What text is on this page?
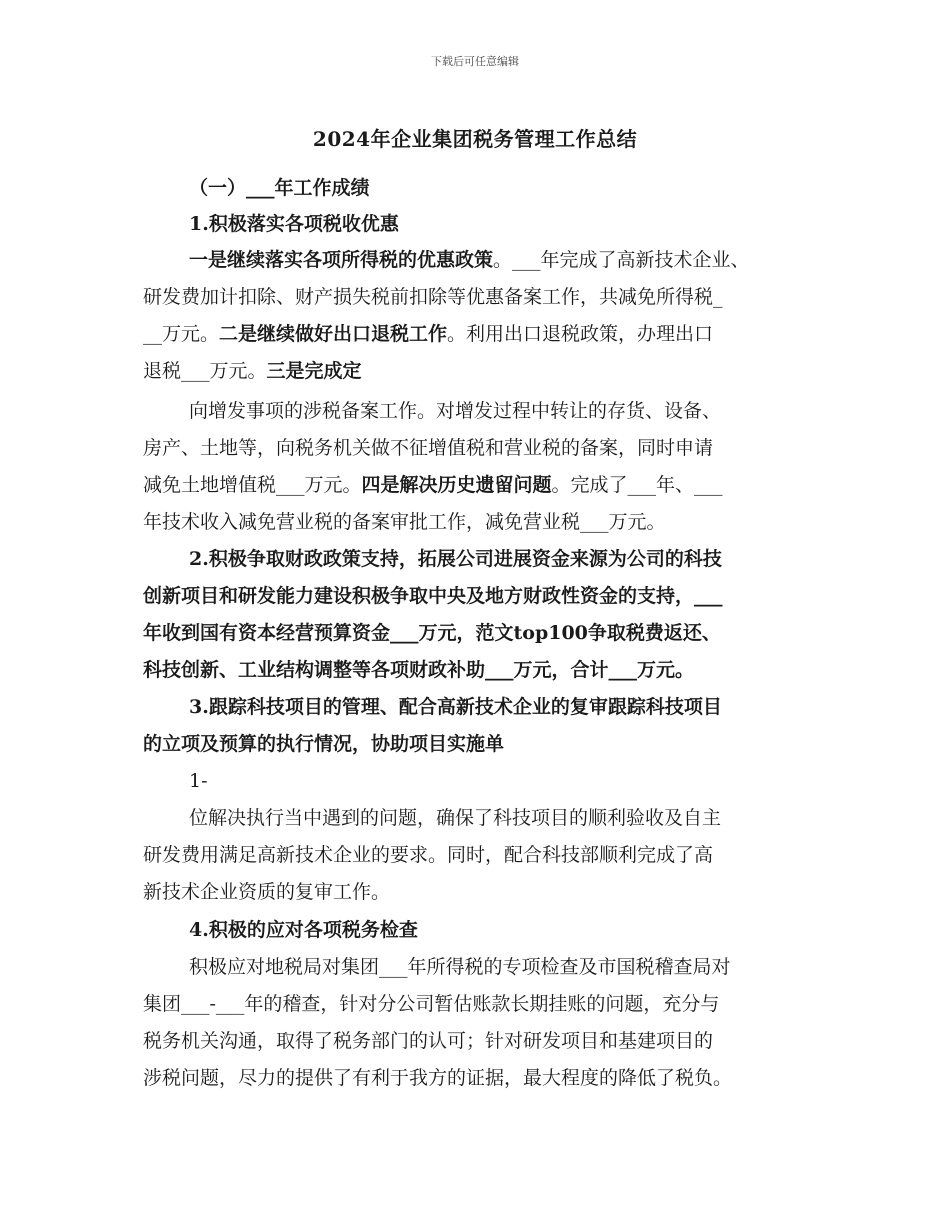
下载后可任意编辑
2024年企业集团税务管理工作总结
（一）___年工作成绩
1.积极落实各项税收优惠
一是继续落实各项所得税的优惠政策。___年完成了高新技术企业、
研发费加计扣除、财产损失税前扣除等优惠备案工作，共减免所得税_
__万元。二是继续做好出口退税工作。利用出口退税政策，办理出口
退税___万元。三是完成定
向增发事项的涉税备案工作。对增发过程中转让的存货、设备、
房产、土地等，向税务机关做不征增值税和营业税的备案，同时申请
减免土地增值税___万元。四是解决历史遗留问题。完成了___年、___
年技术收入减免营业税的备案审批工作，减免营业税___万元。
2.积极争取财政政策支持，拓展公司进展资金来源为公司的科技
创新项目和研发能力建设积极争取中央及地方财政性资金的支持，___
年收到国有资本经营预算资金___万元，范文top100争取税费返还、
科技创新、工业结构调整等各项财政补助___万元，合计___万元。
3.跟踪科技项目的管理、配合高新技术企业的复审跟踪科技项目
的立项及预算的执行情况，协助项目实施单
1-
位解决执行当中遇到的问题，确保了科技项目的顺利验收及自主
研发费用满足高新技术企业的要求。同时，配合科技部顺利完成了高
新技术企业资质的复审工作。
4.积极的应对各项税务检查
积极应对地税局对集团___年所得税的专项检查及市国税稽查局对
集团___-___年的稽查，针对分公司暂估账款长期挂账的问题，充分与
税务机关沟通，取得了税务部门的认可；针对研发项目和基建项目的
涉税问题，尽力的提供了有利于我方的证据，最大程度的降低了税负。
